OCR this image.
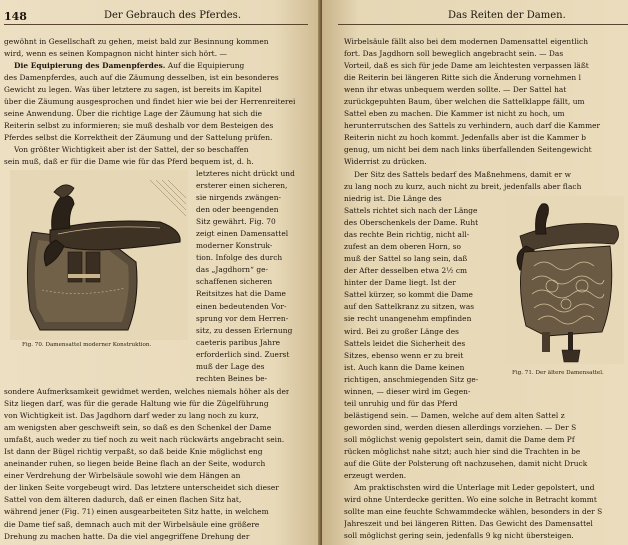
148	Der Gebrauch des Pferdes.
gewöhnt in Gesellschaft zu gehen, meist bald zur Besinnung kommen
wird, wenn es seinen Kompagnon nicht hinter sich hört. —
Die Equipierung des Damenpferdes. Auf die Equipierung
des Damenpferdes, auch auf die Zäumung desselben, ist ein besonderes
Gewicht zu legen. Was über letztere zu sagen, ist bereits im Kapitel
über die Zäumung ausgesprochen und findet hier wie bei der Herrenreiterei
seine Anwendung. Über die richtige Lage der Zäumung hat sich die
Reiterin selbst zu informieren; sie muß deshalb vor dem Besteigen des
Pferdes selbst die Korrektheit der Zäumung und der Sattelung prüfen.
Von größter Wichtigkeit aber ist der Sattel, der so beschaffen
sein muß, daß er für die Dame wie für das Pferd bequem ist, d. h.
Fig. 70. Damensattel moderner Konstruktion.
letzteres nicht drückt und
ersterer einen sicheren,
sie nirgends zwängen-
den oder beengenden
Sitz gewährt. Fig. 70
zeigt einen Damensattel
moderner Konstruk-
tion. Infolge des durch
das „Jagdhorn“ ge-
schaffenen sicheren
Reitsitzes hat die Dame
einen bedeutenden Vor-
sprung vor dem Herren-
sitz, zu dessen Erlernung
caeteris paribus Jahre
erforderlich sind. Zuerst
muß der Lage des
rechten Beines be-
sondere Aufmerksamkeit gewidmet werden, welches niemals höher als der
Sitz liegen darf, was für die gerade Haltung wie für die Zügelführung
von Wichtigkeit ist. Das Jagdhorn darf weder zu lang noch zu kurz,
am wenigsten aber geschweift sein, so daß es den Schenkel der Dame
umfaßt, auch weder zu tief noch zu weit nach rückwärts angebracht sein.
Ist dann der Bügel richtig verpaßt, so daß beide Knie möglichst eng
aneinander ruhen, so liegen beide Beine flach an der Seite, wodurch
einer Verdrehung der Wirbelsäule sowohl wie dem Hängen an
der linken Seite vorgebeugt wird. Das letztere unterscheidet sich dieser
Sattel von dem älteren dadurch, daß er einen flachen Sitz hat,
während jener (Fig. 71) einen ausgearbeiteten Sitz hatte, in welchem
die Dame tief saß, demnach auch mit der Wirbelsäule eine größere
Drehung zu machen hatte. Da die viel angegriffene Drehung der
Das Reiten der Damen.
Wirbelsäule fällt also bei dem modernen Damensattel eigentlich
fort. Das Jagdhorn soll beweglich angebracht sein. — Das
Vorteil, daß es sich für jede Dame am leichtesten verpassen läßt
die Reiterin bei längeren Ritte sich die Änderung vornehmen l
wenn ihr etwas unbequem werden sollte. — Der Sattel hat
zurückgepuhten Baum, über welchen die Sattelklappe fällt, um
Sattel eben zu machen. Die Kammer ist nicht zu hoch, um
herunterrutschen des Sattels zu verhindern, auch darf die Kammer
Reiterin nicht zu hoch kommt. Jedenfalls aber ist die Kammer b
genug, um nicht bei dem nach links überfallenden Seitengewicht
Widerrist zu drücken.
Der Sitz des Sattels bedarf des Maßnehmens, damit er w
zu lang noch zu kurz, auch nicht zu breit, jedenfalls aber flach
niedrig ist. Die Länge des
Sattels richtet sich nach der Länge
des Oberschenkels der Dame. Ruht
das rechte Bein richtig, nicht all-
zufest an dem oberen Horn, so
muß der Sattel so lang sein, daß
der After desselben etwa 2½ cm
hinter der Dame liegt. Ist der
Sattel kürzer, so kommt die Dame
auf den Sattelkranz zu sitzen, was
sie recht unangenehm empfinden
wird. Bei zu großer Länge des
Sattels leidet die Sicherheit des
Sitzes, ebenso wenn er zu breit
ist. Auch kann die Dame keinen
richtigen, anschmiegenden Sitz ge-
winnen, — dieser wird im Gegen-
teil unruhig und für das Pferd
Fig. 71. Der ältere Damensattel.
belästigend sein. — Damen, welche auf dem alten Sattel z
geworden sind, werden diesen allerdings vorziehen. — Der S
soll möglichst wenig gepolstert sein, damit die Dame dem Pf
rücken möglichst nahe sitzt; auch hier sind die Trachten in be
auf die Güte der Polsterung oft nachzusehen, damit nicht Druck
erzeugt werden.
Am praktischsten wird die Unterlage mit Leder gepolstert, und
wird ohne Unterdecke geritten. Wo eine solche in Betracht kommt
sollte man eine feuchte Schwammdecke wählen, besonders in der S
Jahreszeit und bei längeren Ritten. Das Gewicht des Damensattel
soll möglichst gering sein, jedenfalls 9 kg nicht übersteigen.
